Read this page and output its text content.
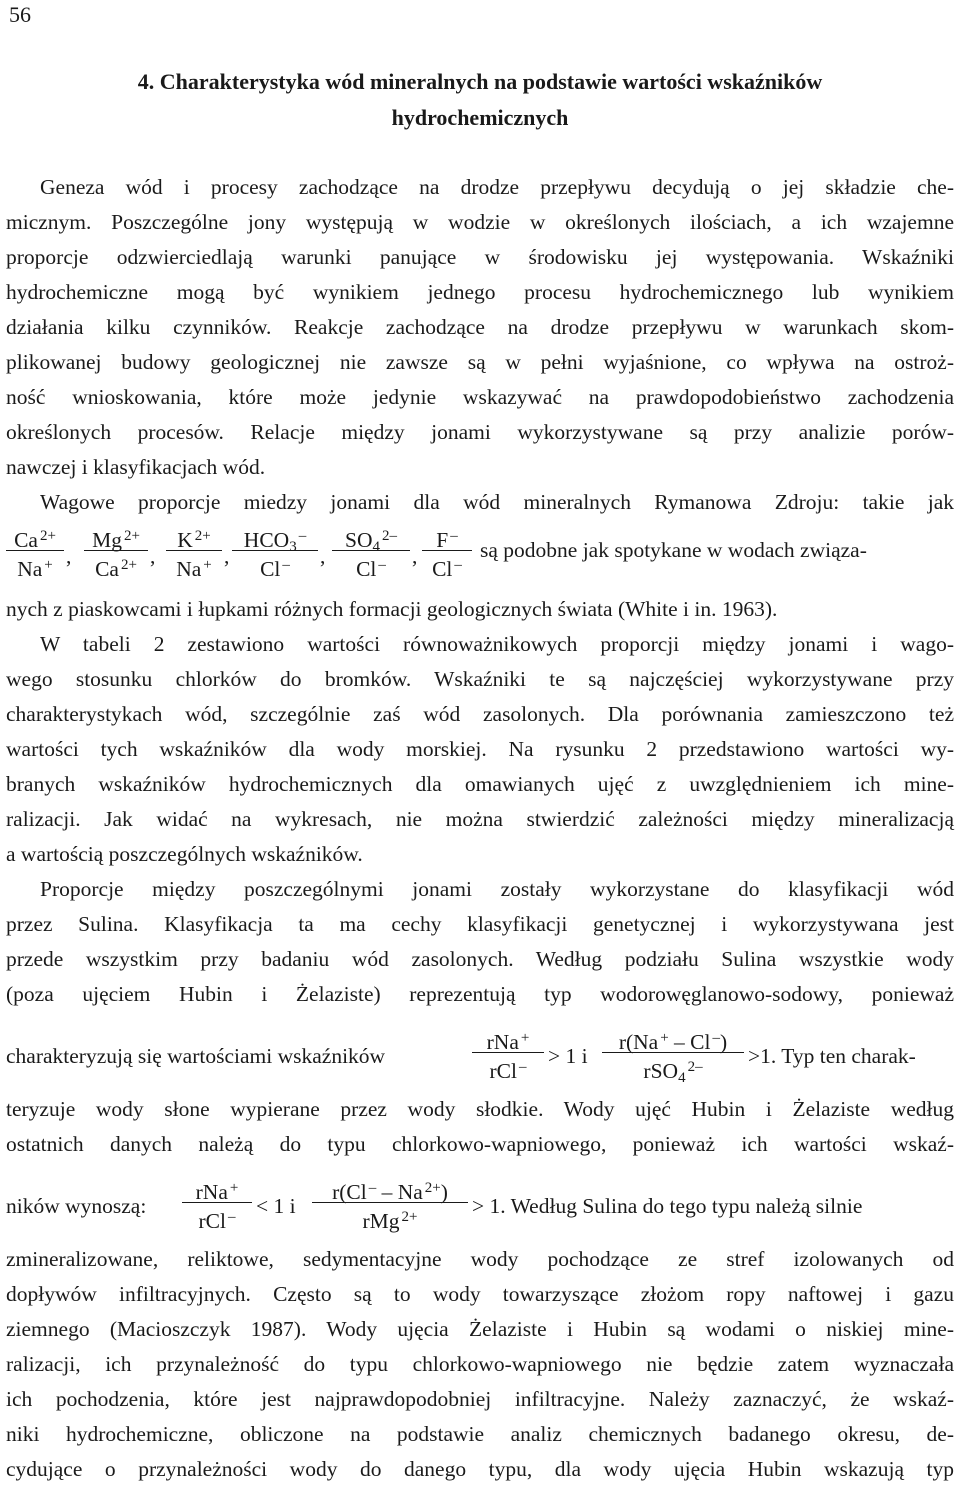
56
4. Charakterystyka wód mineralnych na podstawie wartości wskaźników
hydrochemicznych
Geneza wód i procesy zachodzące na drodze przepływu decydują o jej składzie che-
micznym. Poszczególne jony występują w wodzie w określonych ilościach, a ich wzajemne
proporcje odzwierciedlają warunki panujące w środowisku jej występowania. Wskaźniki
hydrochemiczne mogą być wynikiem jednego procesu hydrochemicznego lub wynikiem
działania kilku czynników. Reakcje zachodzące na drodze przepływu w warunkach skom-
plikowanej budowy geologicznej nie zawsze są w pełni wyjaśnione, co wpływa na ostroż-
ność wnioskowania, które może jedynie wskazywać na prawdopodobieństwo zachodzenia
określonych procesów. Relacje między jonami wykorzystywane są przy analizie porów-
nawczej i klasyfikacjach wód.
Wagowe proporcje miedzy jonami dla wód mineralnych Rymanowa Zdroju: takie jak
Ca $^{2+}$
Na + ,
Mg $^{2+}$
Ca $^{2+}$ ,
K $^{2+}$
Na + ,
$HCO_3^-$
Cl –	,
$SO_4^{2-}$
Cl –	,
F –
Cl –
są podobne jak spotykane w wodach związa-
nych z piaskowcami i łupkami różnych formacji geologicznych świata (White i in. 1963).
W tabeli 2 zestawiono wartości równoważnikowych proporcji między jonami i wago-
wego stosunku chlorków do bromków. Wskaźniki te są najczęściej wykorzystywane przy
charakterystykach wód, szczególnie zaś wód zasolonych. Dla porównania zamieszczono też
wartości tych wskaźników dla wody morskiej. Na rysunku 2 przedstawiono wartości wy-
branych wskaźników hydrochemicznych dla omawianych ujęć z uwzględnieniem ich mine-
ralizacji. Jak widać na wykresach, nie można stwierdzić zależności między mineralizacją
a wartością poszczególnych wskaźników.
Proporcje między poszczególnymi jonami zostały wykorzystane do klasyfikacji wód
przez Sulina. Klasyfikacja ta ma cechy klasyfikacji genetycznej i wykorzystywana jest
przede wszystkim przy badaniu wód zasolonych. Według podziału Sulina wszystkie wody
(poza ujęciem Hubin i Żelaziste) reprezentują typ wodorowęglanowo-sodowy, ponieważ
charakteryzują się wartościami wskaźników
rNa +
rCl –	> 1 i
r(Na + – Cl –)
rSO$_4^{2-}$	>1. Typ ten charak-
teryzuje wody słone wypierane przez wody słodkie. Wody ujęć Hubin i Żelaziste według
ostatnich danych należą do typu chlorkowo-wapniowego, ponieważ ich wartości wskaź-
ników wynoszą:
rNa +
rCl – < 1 i
r(Cl – – Na $^{2+}$)
rMg $^{2+}$	> 1. Według Sulina do tego typu należą silnie
zmineralizowane, reliktowe, sedymentacyjne wody pochodzące ze stref izolowanych od
dopływów infiltracyjnych. Często są to wody towarzyszące złożom ropy naftowej i gazu
ziemnego (Macioszczyk 1987). Wody ujęcia Żelaziste i Hubin są wodami o niskiej mine-
ralizacji, ich przynależność do typu chlorkowo-wapniowego nie będzie zatem wyznaczała
ich pochodzenia, które jest najprawdopodobniej infiltracyjne. Należy zaznaczyć, że wskaź-
niki hydrochemiczne, obliczone na podstawie analiz chemicznych badanego okresu, de-
cydujące o przynależności wody do danego typu, dla wody ujęcia Hubin wskazują typ
